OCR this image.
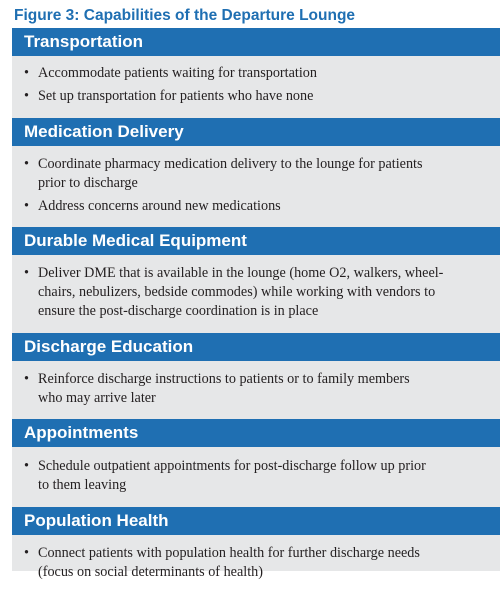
Figure 3: Capabilities of the Departure Lounge
Transportation
• Accommodate patients waiting for transportation
• Set up transportation for patients who have none
Medication Delivery
• Coordinate pharmacy medication delivery to the lounge for patients
prior to discharge
• Address concerns around new medications
Durable Medical Equipment
• Deliver DME that is available in the lounge (home O2, walkers, wheel-
chairs, nebulizers, bedside commodes) while working with vendors to
ensure the post-discharge coordination is in place
Discharge Education
• Reinforce discharge instructions to patients or to family members
who may arrive later
Appointments
• Schedule outpatient appointments for post-discharge follow up prior
to them leaving
Population Health
• Connect patients with population health for further discharge needs
(focus on social determinants of health)
